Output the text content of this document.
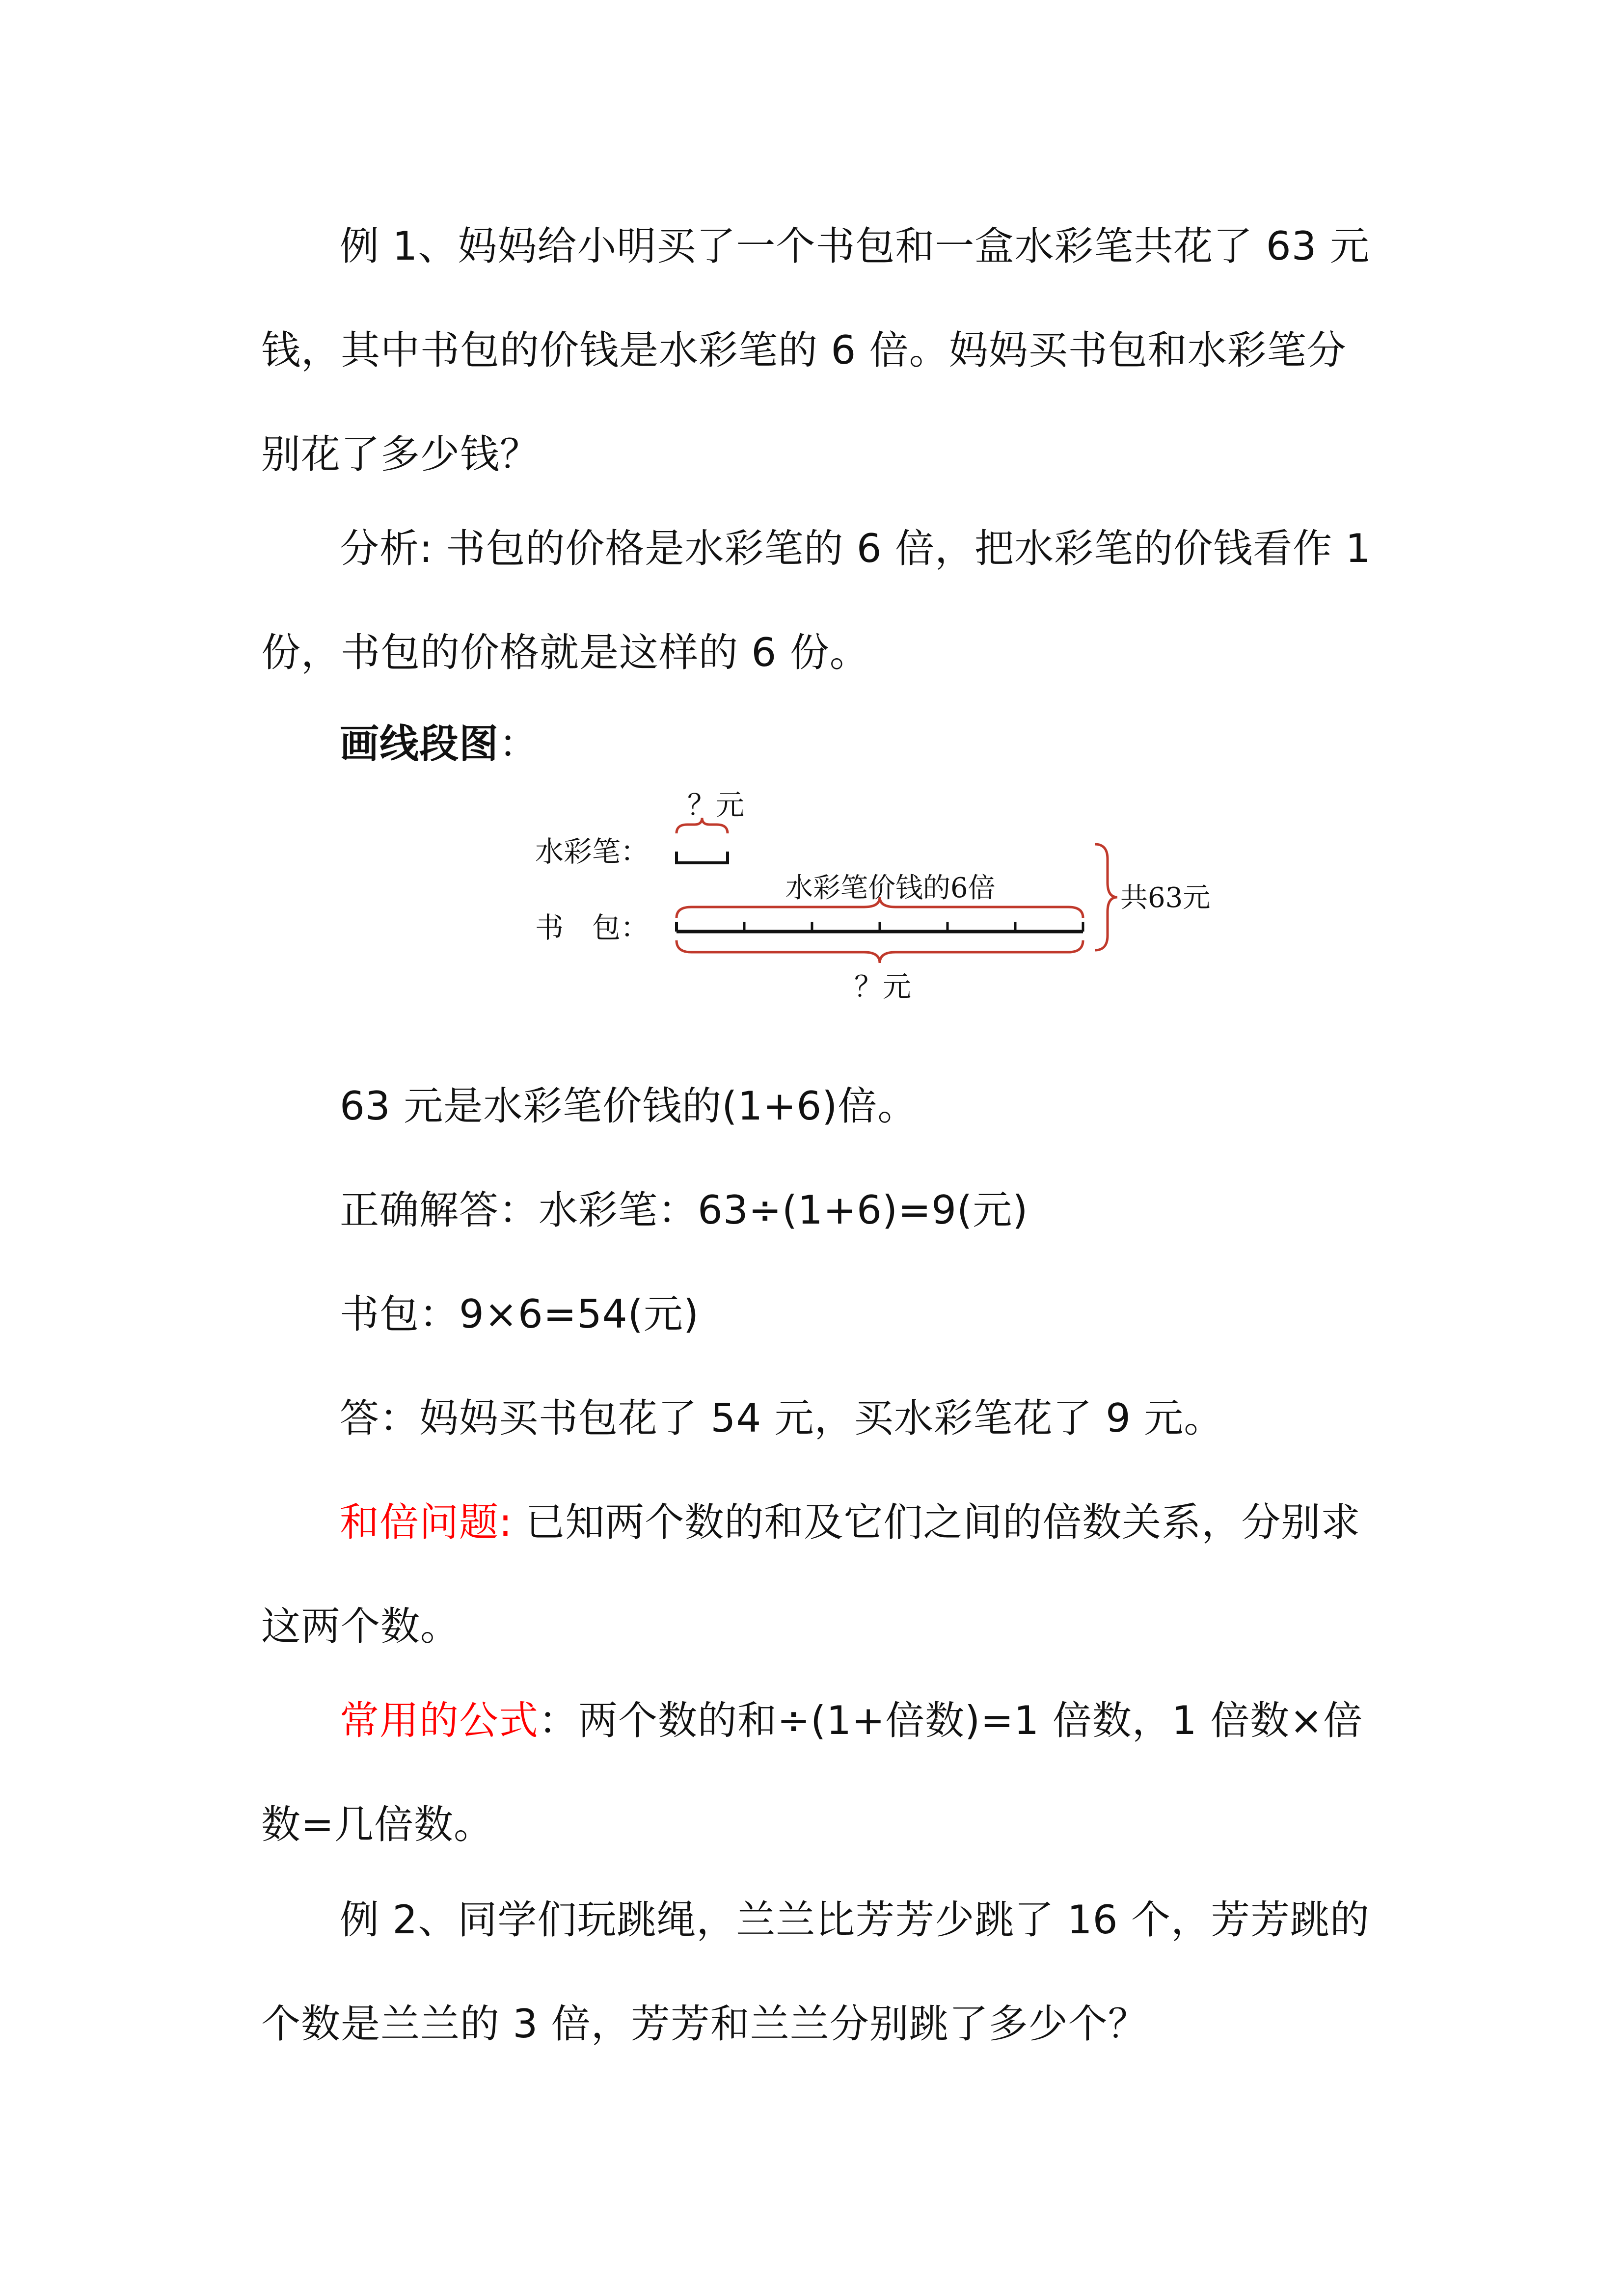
例 1、妈妈给小明买了一个书包和一盒水彩笔共花了 63 元钱，其中书包的价钱是水彩笔的 6 倍。妈妈买书包和水彩笔分别花了多少钱？

分析: 书包的价格是水彩笔的 6 倍，把水彩笔的价钱看作 1 份，书包的价格就是这样的 6 份。

画线段图：

？元
水彩笔：
水彩笔价钱的6倍
书　包：
？元
共63元

63 元是水彩笔价钱的(1+6)倍。

正确解答：水彩笔：63÷(1+6)=9(元)

书包：9×6=54(元)

答：妈妈买书包花了 54 元，买水彩笔花了 9 元。

和倍问题: 已知两个数的和及它们之间的倍数关系，分别求这两个数。

常用的公式：两个数的和÷(1+倍数)=1 倍数，1 倍数×倍数=几倍数。

例 2、同学们玩跳绳，兰兰比芳芳少跳了 16 个，芳芳跳的个数是兰兰的 3 倍，芳芳和兰兰分别跳了多少个？
